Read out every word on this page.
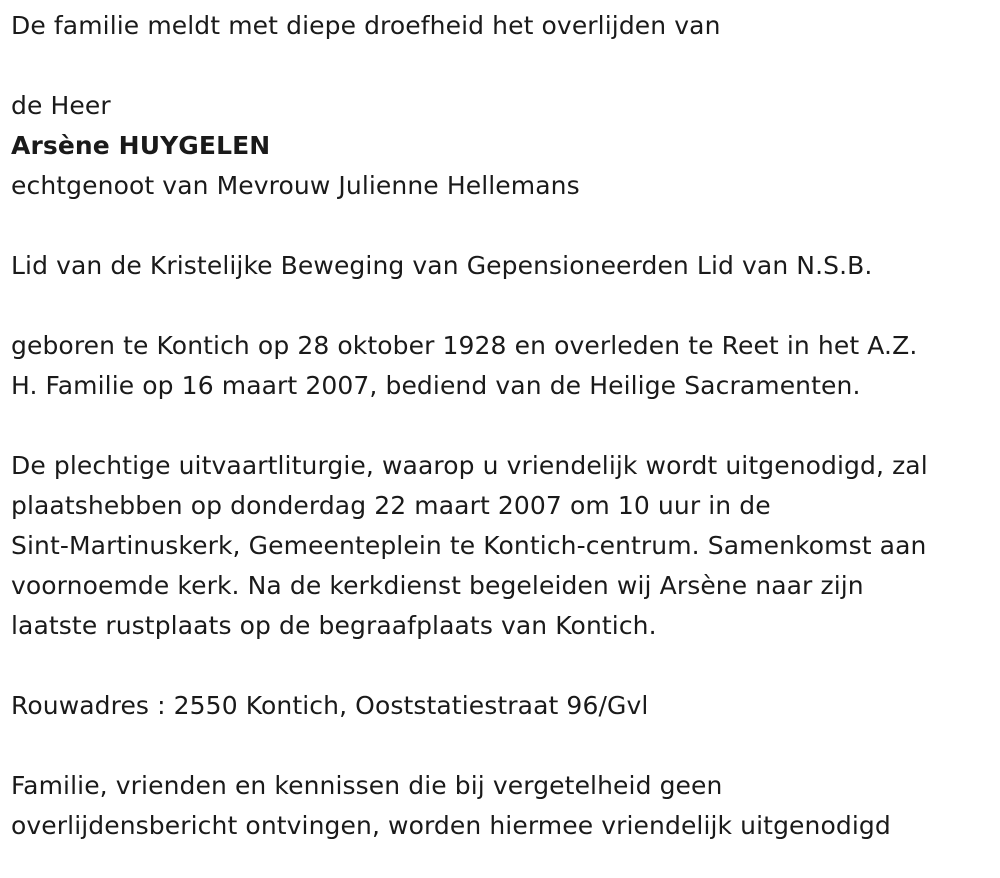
De familie meldt met diepe droefheid het overlijden van

de Heer

Arsène HUYGELEN

echtgenoot van Mevrouw Julienne Hellemans

Lid van de Kristelijke Beweging van Gepensioneerden Lid van N.S.B.

geboren te Kontich op 28 oktober 1928 en overleden te Reet in het A.Z.

H. Familie op 16 maart 2007, bediend van de Heilige Sacramenten.

De plechtige uitvaartliturgie, waarop u vriendelijk wordt uitgenodigd, zal

plaatshebben op donderdag 22 maart 2007 om 10 uur in de

Sint-Martinuskerk, Gemeenteplein te Kontich-centrum. Samenkomst aan

voornoemde kerk. Na de kerkdienst begeleiden wij Arsène naar zijn

laatste rustplaats op de begraafplaats van Kontich.

Rouwadres : 2550 Kontich, Ooststatiestraat 96/Gvl

Familie, vrienden en kennissen die bij vergetelheid geen

overlijdensbericht ontvingen, worden hiermee vriendelijk uitgenodigd
